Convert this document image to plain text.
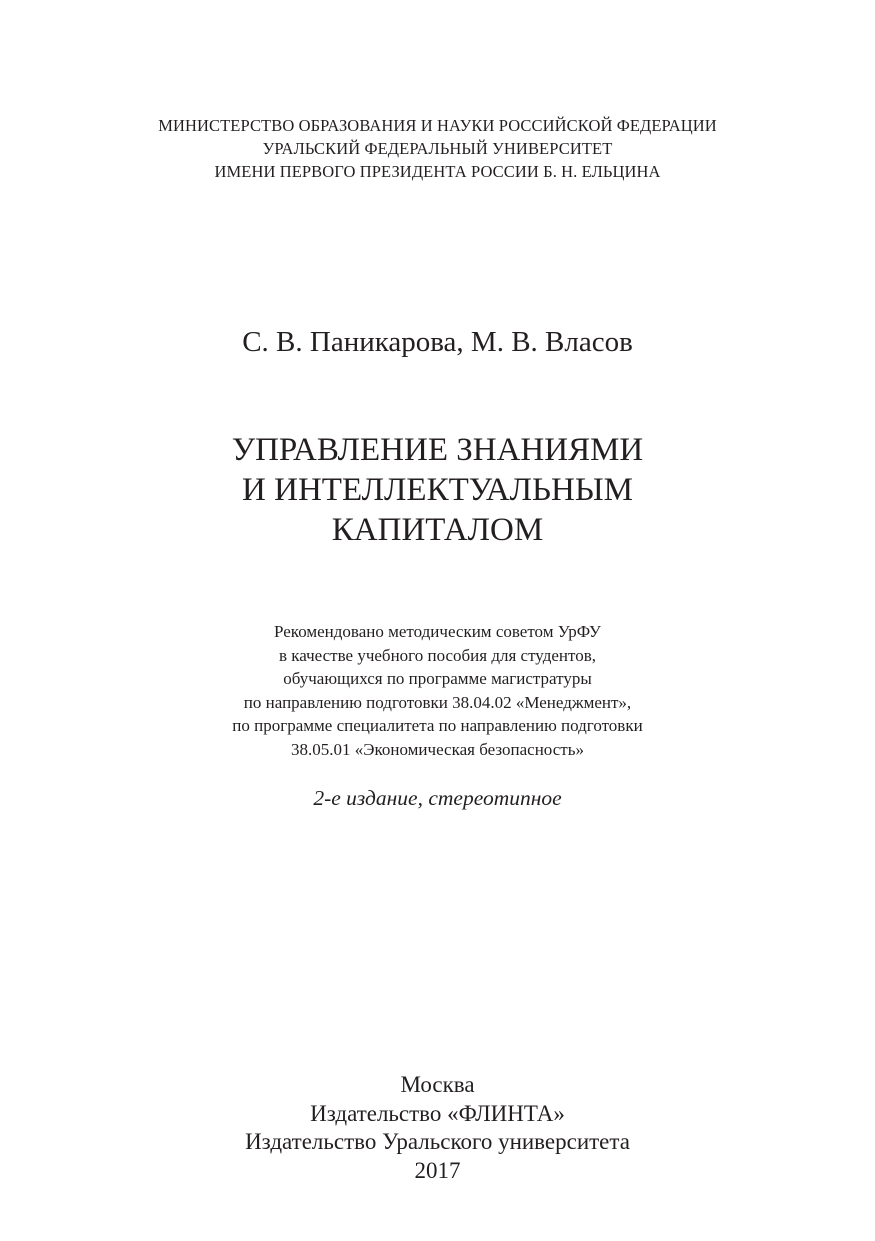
МИНИСТЕРСТВО ОБРАЗОВАНИЯ И НАУКИ РОССИЙСКОЙ ФЕДЕРАЦИИ
УРАЛЬСКИЙ ФЕДЕРАЛЬНЫЙ УНИВЕРСИТЕТ
ИМЕНИ ПЕРВОГО ПРЕЗИДЕНТА РОССИИ Б. Н. ЕЛЬЦИНА
С. В. Паникарова, М. В. Власов
УПРАВЛЕНИЕ ЗНАНИЯМИ
И ИНТЕЛЛЕКТУАЛЬНЫМ
КАПИТАЛОМ
Рекомендовано методическим советом УрФУ
в качестве учебного пособия для студентов,
обучающихся по программе магистратуры
по направлению подготовки 38.04.02 «Менеджмент»,
по программе специалитета по направлению подготовки
38.05.01 «Экономическая безопасность»
2-е издание, стереотипное
Москва
Издательство «ФЛИНТА»
Издательство Уральского университета
2017
